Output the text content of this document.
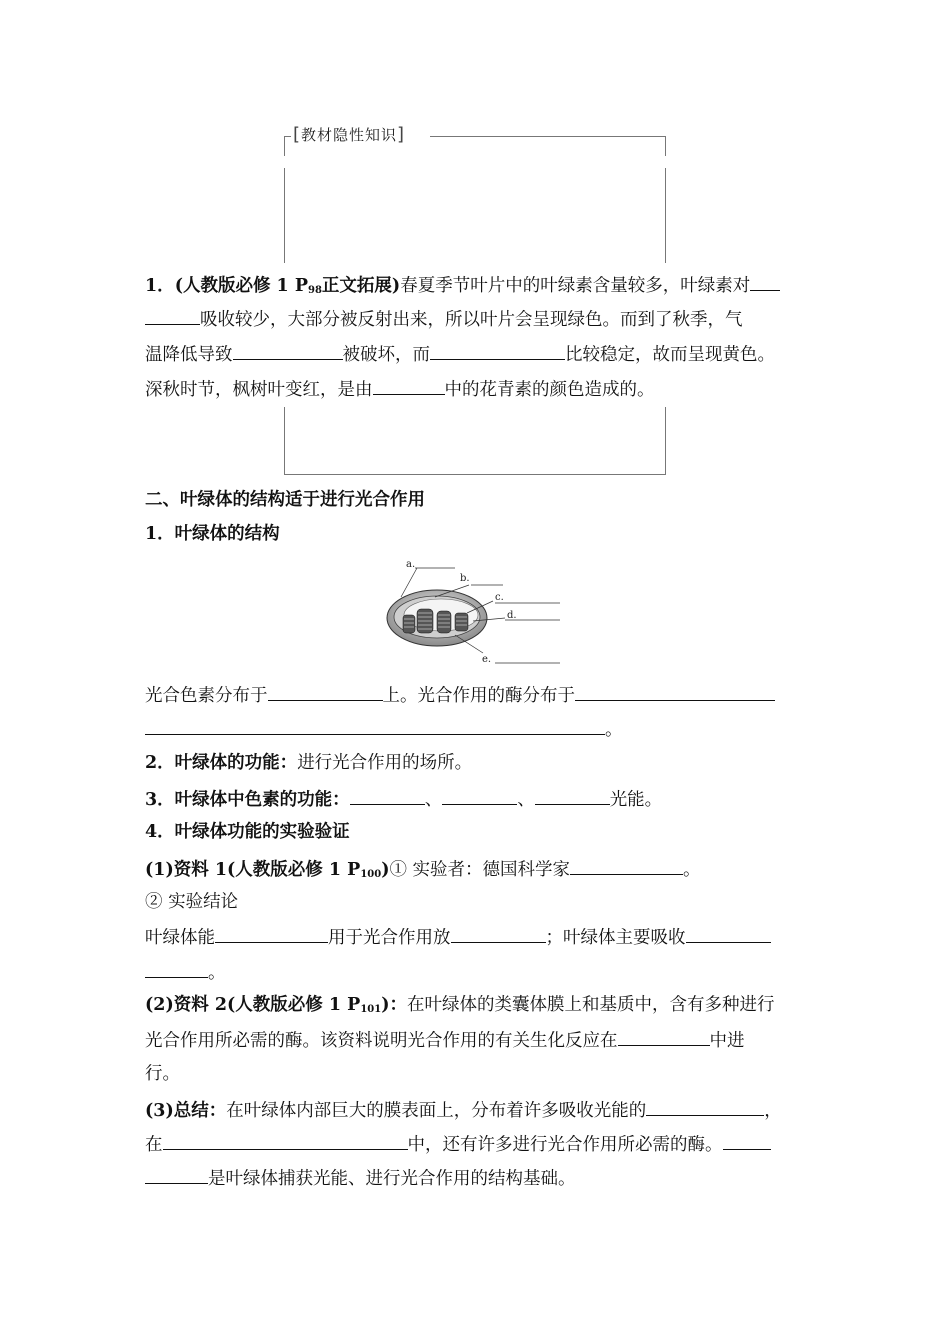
[教材隐性知识]
1．(人教版必修 1 $P_{98}$正文拓展)春夏季节叶片中的叶绿素含量较多，叶绿素对
吸收较少，大部分被反射出来，所以叶片会呈现绿色。而到了秋季，气
温降低导致	被破坏，而	比较稳定，故而呈现黄色。
深秋时节，枫树叶变红，是由	中的花青素的颜色造成的。
二、叶绿体的结构适于进行光合作用
1．叶绿体的结构
a.
b.
c.
d.
e.
光合色素分布于	上。光合作用的酶分布于
。
2．叶绿体的功能：进行光合作用的场所。
3．叶绿体中色素的功能：	、	、	光能。
4．叶绿体功能的实验验证
(1)资料 1(人教版必修 1 $P_{100})①$ 实验者：德国科学家	。
② 实验结论
叶绿体能	用于光合作用放	；叶绿体主要吸收
。
(2)资料 2(人教版必修 1 $P_{101}$)：在叶绿体的类囊体膜上和基质中，含有多种进行
光合作用所必需的酶。该资料说明光合作用的有关生化反应在	中进
行。
(3)总结：在叶绿体内部巨大的膜表面上，分布着许多吸收光能的	，
在	中，还有许多进行光合作用所必需的酶。
是叶绿体捕获光能、进行光合作用的结构基础。
